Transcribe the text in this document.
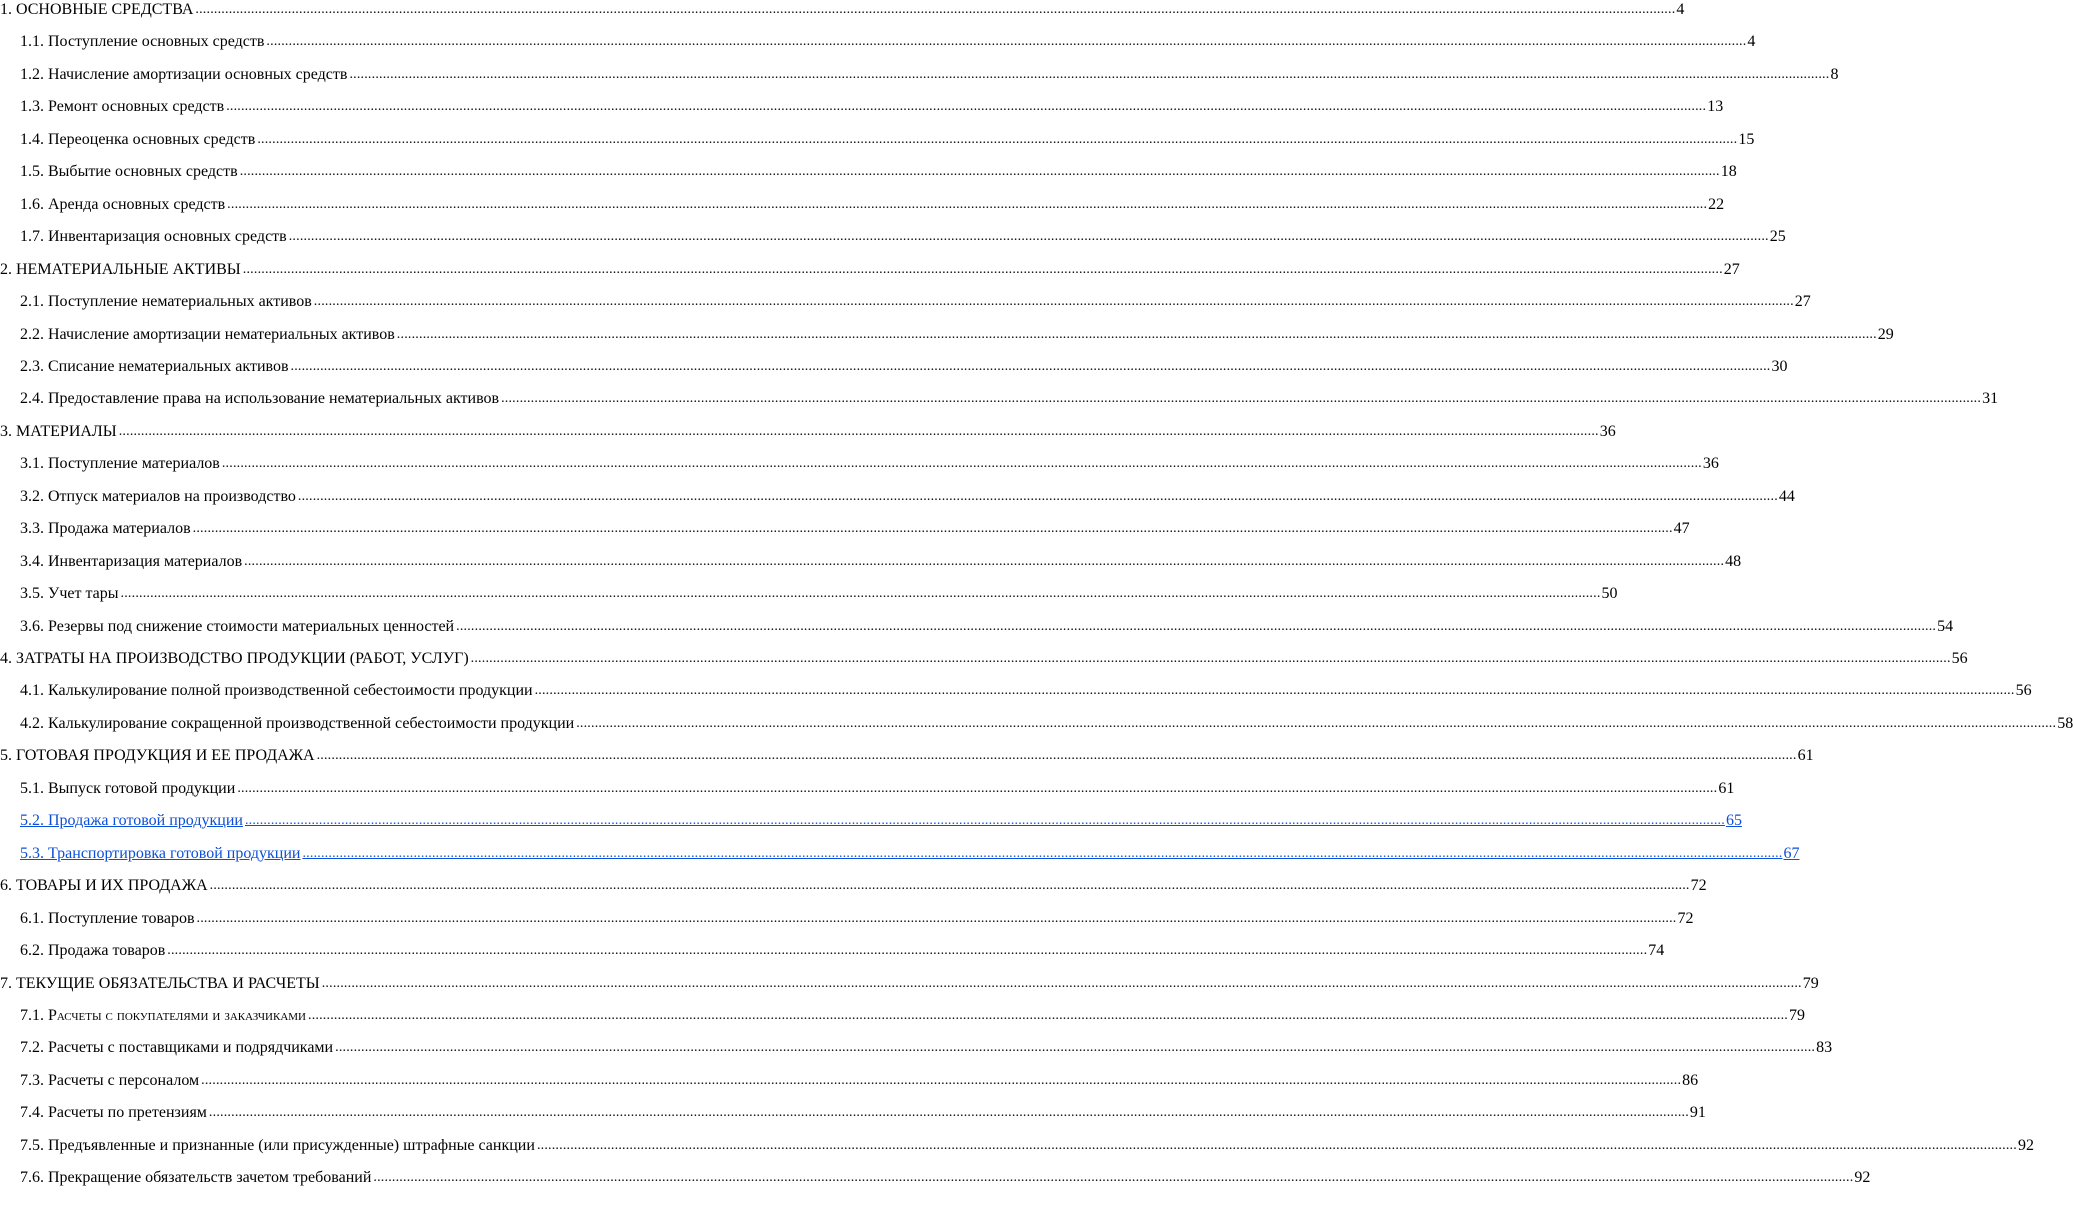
1. ОСНОВНЫЕ СРЕДСТВА ................................................................................................................................................................................................................................................................................................................................................................................................................ 4
1.1. Поступление основных средств ................................................................................................................................................................................................................................................................................................................................................................................................................ 4
1.2. Начисление амортизации основных средств ................................................................................................................................................................................................................................................................................................................................................................................................................ 8
1.3. Ремонт основных средств ................................................................................................................................................................................................................................................................................................................................................................................................................ 13
1.4. Переоценка основных средств ................................................................................................................................................................................................................................................................................................................................................................................................................ 15
1.5. Выбытие основных средств ................................................................................................................................................................................................................................................................................................................................................................................................................ 18
1.6. Аренда основных средств ................................................................................................................................................................................................................................................................................................................................................................................................................ 22
1.7. Инвентаризация основных средств ................................................................................................................................................................................................................................................................................................................................................................................................................ 25
2. НЕМАТЕРИАЛЬНЫЕ АКТИВЫ ................................................................................................................................................................................................................................................................................................................................................................................................................ 27
2.1. Поступление нематериальных активов ................................................................................................................................................................................................................................................................................................................................................................................................................ 27
2.2. Начисление амортизации нематериальных активов ................................................................................................................................................................................................................................................................................................................................................................................................................ 29
2.3. Списание нематериальных активов ................................................................................................................................................................................................................................................................................................................................................................................................................ 30
2.4. Предоставление права на использование нематериальных активов ................................................................................................................................................................................................................................................................................................................................................................................................................ 31
3. МАТЕРИАЛЫ ................................................................................................................................................................................................................................................................................................................................................................................................................ 36
3.1. Поступление материалов ................................................................................................................................................................................................................................................................................................................................................................................................................ 36
3.2. Отпуск материалов на производство ................................................................................................................................................................................................................................................................................................................................................................................................................ 44
3.3. Продажа материалов ................................................................................................................................................................................................................................................................................................................................................................................................................ 47
3.4. Инвентаризация материалов ................................................................................................................................................................................................................................................................................................................................................................................................................ 48
3.5. Учет тары ................................................................................................................................................................................................................................................................................................................................................................................................................ 50
3.6. Резервы под снижение стоимости материальных ценностей ................................................................................................................................................................................................................................................................................................................................................................................................................ 54
4. ЗАТРАТЫ НА ПРОИЗВОДСТВО ПРОДУКЦИИ (РАБОТ, УСЛУГ) ................................................................................................................................................................................................................................................................................................................................................................................................................ 56
4.1. Калькулирование полной производственной себестоимости продукции ................................................................................................................................................................................................................................................................................................................................................................................................................ 56
4.2. Калькулирование сокращенной производственной себестоимости продукции ................................................................................................................................................................................................................................................................................................................................................................................................................ 58
5. ГОТОВАЯ ПРОДУКЦИЯ И ЕЕ ПРОДАЖА ................................................................................................................................................................................................................................................................................................................................................................................................................ 61
5.1. Выпуск готовой продукции ................................................................................................................................................................................................................................................................................................................................................................................................................ 61
5.2. Продажа готовой продукции ................................................................................................................................................................................................................................................................................................................................................................................................................ 65
5.3. Транспортировка готовой продукции ................................................................................................................................................................................................................................................................................................................................................................................................................ 67
6. ТОВАРЫ И ИХ ПРОДАЖА ................................................................................................................................................................................................................................................................................................................................................................................................................ 72
6.1. Поступление товаров ................................................................................................................................................................................................................................................................................................................................................................................................................ 72
6.2. Продажа товаров ................................................................................................................................................................................................................................................................................................................................................................................................................ 74
7. ТЕКУЩИЕ ОБЯЗАТЕЛЬСТВА И РАСЧЕТЫ ................................................................................................................................................................................................................................................................................................................................................................................................................ 79
7.1. Расчеты с покупателями и заказчиками ................................................................................................................................................................................................................................................................................................................................................................................................................ 79
7.2. Расчеты с поставщиками и подрядчиками ................................................................................................................................................................................................................................................................................................................................................................................................................ 83
7.3. Расчеты с персоналом ................................................................................................................................................................................................................................................................................................................................................................................................................ 86
7.4. Расчеты по претензиям ................................................................................................................................................................................................................................................................................................................................................................................................................ 91
7.5. Предъявленные и признанные (или присужденные) штрафные санкции ................................................................................................................................................................................................................................................................................................................................................................................................................ 92
7.6. Прекращение обязательств зачетом требований ................................................................................................................................................................................................................................................................................................................................................................................................................ 92
